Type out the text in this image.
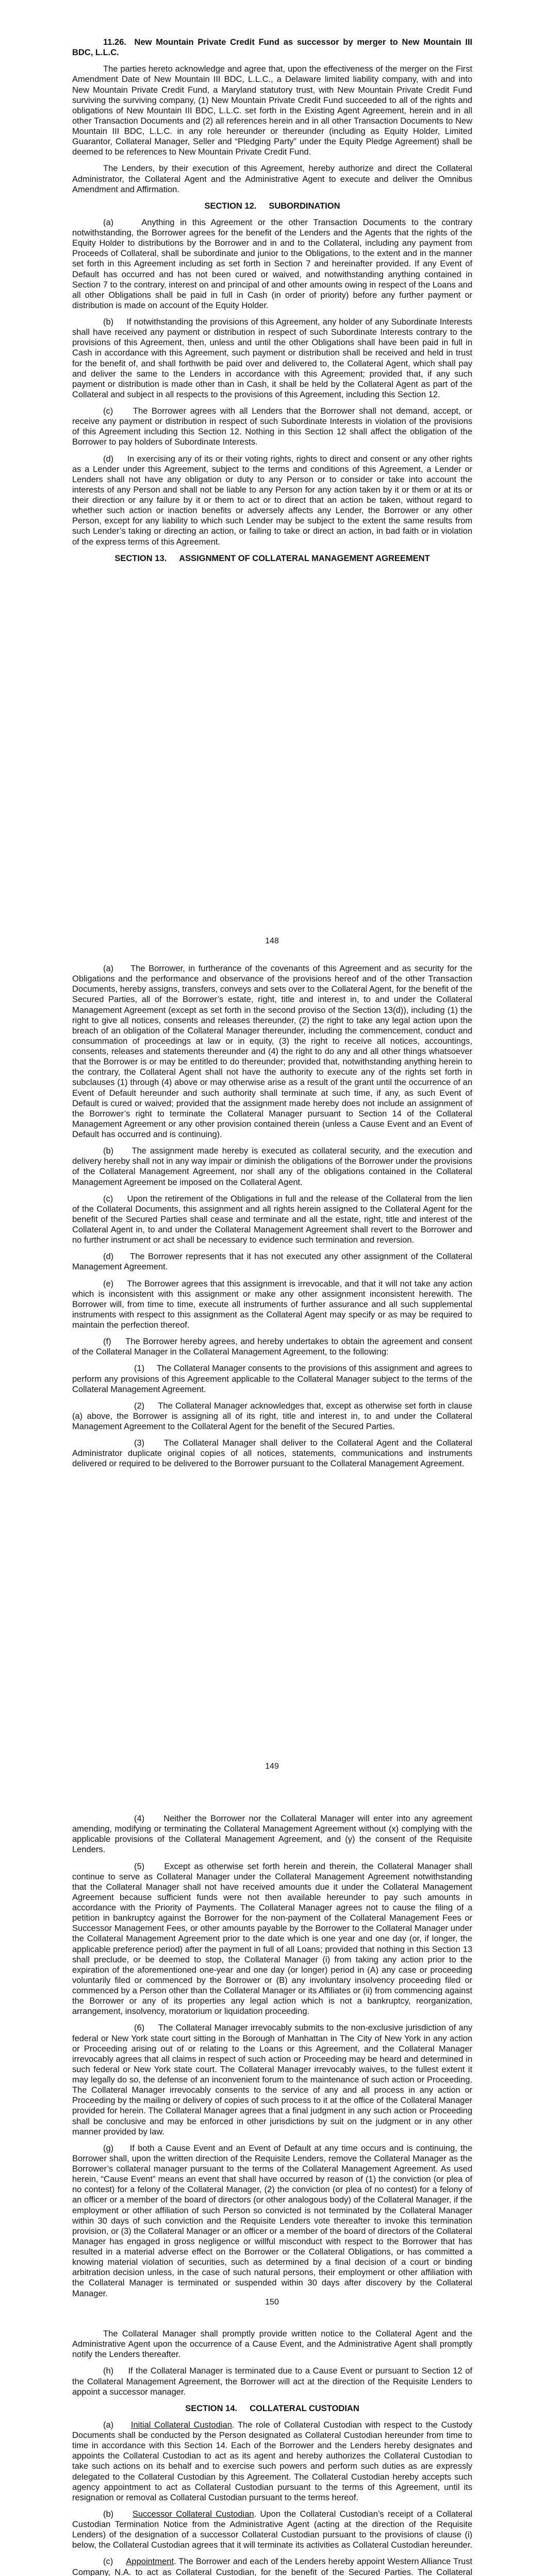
11.26.  New Mountain Private Credit Fund as successor by merger to New Mountain III BDC, L.L.C.

The parties hereto acknowledge and agree that, upon the effectiveness of the merger on the First Amendment Date of New Mountain III BDC, L.L.C., a Delaware limited liability company, with and into New Mountain Private Credit Fund, a Maryland statutory trust, with New Mountain Private Credit Fund surviving the surviving company, (1) New Mountain Private Credit Fund succeeded to all of the rights and obligations of New Mountain III BDC, L.L.C. set forth in the Existing Agent Agreement, herein and in all other Transaction Documents and (2) all references herein and in all other Transaction Documents to New Mountain III BDC, L.L.C. in any role hereunder or thereunder (including as Equity Holder, Limited Guarantor, Collateral Manager, Seller and “Pledging Party” under the Equity Pledge Agreement) shall be deemed to be references to New Mountain Private Credit Fund.

The Lenders, by their execution of this Agreement, hereby authorize and direct the Collateral Administrator, the Collateral Agent and the Administrative Agent to execute and deliver the Omnibus Amendment and Affirmation.

SECTION 12. SUBORDINATION

(a)     Anything in this Agreement or the other Transaction Documents to the contrary notwithstanding, the Borrower agrees for the benefit of the Lenders and the Agents that the rights of the Equity Holder to distributions by the Borrower and in and to the Collateral, including any payment from Proceeds of Collateral, shall be subordinate and junior to the Obligations, to the extent and in the manner set forth in this Agreement including as set forth in Section 7 and hereinafter provided. If any Event of Default has occurred and has not been cured or waived, and notwithstanding anything contained in Section 7 to the contrary, interest on and principal of and other amounts owing in respect of the Loans and all other Obligations shall be paid in full in Cash (in order of priority) before any further payment or distribution is made on account of the Equity Holder.

(b)     If notwithstanding the provisions of this Agreement, any holder of any Subordinate Interests shall have received any payment or distribution in respect of such Subordinate Interests contrary to the provisions of this Agreement, then, unless and until the other Obligations shall have been paid in full in Cash in accordance with this Agreement, such payment or distribution shall be received and held in trust for the benefit of, and shall forthwith be paid over and delivered to, the Collateral Agent, which shall pay and deliver the same to the Lenders in accordance with this Agreement; provided that, if any such payment or distribution is made other than in Cash, it shall be held by the Collateral Agent as part of the Collateral and subject in all respects to the provisions of this Agreement, including this Section 12.

(c)     The Borrower agrees with all Lenders that the Borrower shall not demand, accept, or receive any payment or distribution in respect of such Subordinate Interests in violation of the provisions of this Agreement including this Section 12. Nothing in this Section 12 shall affect the obligation of the Borrower to pay holders of Subordinate Interests.

(d)     In exercising any of its or their voting rights, rights to direct and consent or any other rights as a Lender under this Agreement, subject to the terms and conditions of this Agreement, a Lender or Lenders shall not have any obligation or duty to any Person or to consider or take into account the interests of any Person and shall not be liable to any Person for any action taken by it or them or at its or their direction or any failure by it or them to act or to direct that an action be taken, without regard to whether such action or inaction benefits or adversely affects any Lender, the Borrower or any other Person, except for any liability to which such Lender may be subject to the extent the same results from such Lender’s taking or directing an action, or failing to take or direct an action, in bad faith or in violation of the express terms of this Agreement.

SECTION 13. ASSIGNMENT OF COLLATERAL MANAGEMENT AGREEMENT
148

(a)     The Borrower, in furtherance of the covenants of this Agreement and as security for the Obligations and the performance and observance of the provisions hereof and of the other Transaction Documents, hereby assigns, transfers, conveys and sets over to the Collateral Agent, for the benefit of the Secured Parties, all of the Borrower’s estate, right, title and interest in, to and under the Collateral Management Agreement (except as set forth in the second proviso of the Section 13(d)), including (1) the right to give all notices, consents and releases thereunder, (2) the right to take any legal action upon the breach of an obligation of the Collateral Manager thereunder, including the commencement, conduct and consummation of proceedings at law or in equity, (3) the right to receive all notices, accountings, consents, releases and statements thereunder and (4) the right to do any and all other things whatsoever that the Borrower is or may be entitled to do thereunder; provided that, notwithstanding anything herein to the contrary, the Collateral Agent shall not have the authority to execute any of the rights set forth in subclauses (1) through (4) above or may otherwise arise as a result of the grant until the occurrence of an Event of Default hereunder and such authority shall terminate at such time, if any, as such Event of Default is cured or waived; provided that the assignment made hereby does not include an assignment of the Borrower’s right to terminate the Collateral Manager pursuant to Section 14 of the Collateral Management Agreement or any other provision contained therein (unless a Cause Event and an Event of Default has occurred and is continuing).

(b)     The assignment made hereby is executed as collateral security, and the execution and delivery hereby shall not in any way impair or diminish the obligations of the Borrower under the provisions of the Collateral Management Agreement, nor shall any of the obligations contained in the Collateral Management Agreement be imposed on the Collateral Agent.

(c)     Upon the retirement of the Obligations in full and the release of the Collateral from the lien of the Collateral Documents, this assignment and all rights herein assigned to the Collateral Agent for the benefit of the Secured Parties shall cease and terminate and all the estate, right, title and interest of the Collateral Agent in, to and under the Collateral Management Agreement shall revert to the Borrower and no further instrument or act shall be necessary to evidence such termination and reversion.

(d)     The Borrower represents that it has not executed any other assignment of the Collateral Management Agreement.

(e)     The Borrower agrees that this assignment is irrevocable, and that it will not take any action which is inconsistent with this assignment or make any other assignment inconsistent herewith. The Borrower will, from time to time, execute all instruments of further assurance and all such supplemental instruments with respect to this assignment as the Collateral Agent may specify or as may be required to maintain the perfection thereof.

(f)     The Borrower hereby agrees, and hereby undertakes to obtain the agreement and consent of the Collateral Manager in the Collateral Management Agreement, to the following:

(1)     The Collateral Manager consents to the provisions of this assignment and agrees to perform any provisions of this Agreement applicable to the Collateral Manager subject to the terms of the Collateral Management Agreement.

(2)     The Collateral Manager acknowledges that, except as otherwise set forth in clause (a) above, the Borrower is assigning all of its right, title and interest in, to and under the Collateral Management Agreement to the Collateral Agent for the benefit of the Secured Parties.

(3)     The Collateral Manager shall deliver to the Collateral Agent and the Collateral Administrator duplicate original copies of all notices, statements, communications and instruments delivered or required to be delivered to the Borrower pursuant to the Collateral Management Agreement.

149

(4)     Neither the Borrower nor the Collateral Manager will enter into any agreement amending, modifying or terminating the Collateral Management Agreement without (x) complying with the applicable provisions of the Collateral Management Agreement, and (y) the consent of the Requisite Lenders.

(5)     Except as otherwise set forth herein and therein, the Collateral Manager shall continue to serve as Collateral Manager under the Collateral Management Agreement notwithstanding that the Collateral Manager shall not have received amounts due it under the Collateral Management Agreement because sufficient funds were not then available hereunder to pay such amounts in accordance with the Priority of Payments. The Collateral Manager agrees not to cause the filing of a petition in bankruptcy against the Borrower for the non-payment of the Collateral Management Fees or Successor Management Fees, or other amounts payable by the Borrower to the Collateral Manager under the Collateral Management Agreement prior to the date which is one year and one day (or, if longer, the applicable preference period) after the payment in full of all Loans; provided that nothing in this Section 13 shall preclude, or be deemed to stop, the Collateral Manager (i) from taking any action prior to the expiration of the aforementioned one-year and one day (or longer) period in (A) any case or proceeding voluntarily filed or commenced by the Borrower or (B) any involuntary insolvency proceeding filed or commenced by a Person other than the Collateral Manager or its Affiliates or (ii) from commencing against the Borrower or any of its properties any legal action which is not a bankruptcy, reorganization, arrangement, insolvency, moratorium or liquidation proceeding.

(6)     The Collateral Manager irrevocably submits to the non-exclusive jurisdiction of any federal or New York state court sitting in the Borough of Manhattan in The City of New York in any action or Proceeding arising out of or relating to the Loans or this Agreement, and the Collateral Manager irrevocably agrees that all claims in respect of such action or Proceeding may be heard and determined in such federal or New York state court. The Collateral Manager irrevocably waives, to the fullest extent it may legally do so, the defense of an inconvenient forum to the maintenance of such action or Proceeding. The Collateral Manager irrevocably consents to the service of any and all process in any action or Proceeding by the mailing or delivery of copies of such process to it at the office of the Collateral Manager provided for herein. The Collateral Manager agrees that a final judgment in any such action or Proceeding shall be conclusive and may be enforced in other jurisdictions by suit on the judgment or in any other manner provided by law.

(g)     If both a Cause Event and an Event of Default at any time occurs and is continuing, the Borrower shall, upon the written direction of the Requisite Lenders, remove the Collateral Manager as the Borrower’s collateral manager pursuant to the terms of the Collateral Management Agreement. As used herein, “Cause Event” means an event that shall have occurred by reason of (1) the conviction (or plea of no contest) for a felony of the Collateral Manager, (2) the conviction (or plea of no contest) for a felony of an officer or a member of the board of directors (or other analogous body) of the Collateral Manager, if the employment or other affiliation of such Person so convicted is not terminated by the Collateral Manager within 30 days of such conviction and the Requisite Lenders vote thereafter to invoke this termination provision, or (3) the Collateral Manager or an officer or a member of the board of directors of the Collateral Manager has engaged in gross negligence or willful misconduct with respect to the Borrower that has resulted in a material adverse effect on the Borrower or the Collateral Obligations, or has committed a knowing material violation of securities, such as determined by a final decision of a court or binding arbitration decision unless, in the case of such natural persons, their employment or other affiliation with the Collateral Manager is terminated or suspended within 30 days after discovery by the Collateral Manager.

150

The Collateral Manager shall promptly provide written notice to the Collateral Agent and the Administrative Agent upon the occurrence of a Cause Event, and the Administrative Agent shall promptly notify the Lenders thereafter.

(h)     If the Collateral Manager is terminated due to a Cause Event or pursuant to Section 12 of the Collateral Management Agreement, the Borrower will act at the direction of the Requisite Lenders to appoint a successor manager.

SECTION 14. COLLATERAL CUSTODIAN

(a)     Initial Collateral Custodian. The role of Collateral Custodian with respect to the Custody Documents shall be conducted by the Person designated as Collateral Custodian hereunder from time to time in accordance with this Section 14. Each of the Borrower and the Lenders hereby designates and appoints the Collateral Custodian to act as its agent and hereby authorizes the Collateral Custodian to take such actions on its behalf and to exercise such powers and perform such duties as are expressly delegated to the Collateral Custodian by this Agreement. The Collateral Custodian hereby accepts such agency appointment to act as Collateral Custodian pursuant to the terms of this Agreement, until its resignation or removal as Collateral Custodian pursuant to the terms hereof.

(b)     Successor Collateral Custodian. Upon the Collateral Custodian’s receipt of a Collateral Custodian Termination Notice from the Administrative Agent (acting at the direction of the Requisite Lenders) of the designation of a successor Collateral Custodian pursuant to the provisions of clause (i) below, the Collateral Custodian agrees that it will terminate its activities as Collateral Custodian hereunder.

(c)     Appointment. The Borrower and each of the Lenders hereby appoint Western Alliance Trust Company, N.A. to act as Collateral Custodian, for the benefit of the Secured Parties. The Collateral
